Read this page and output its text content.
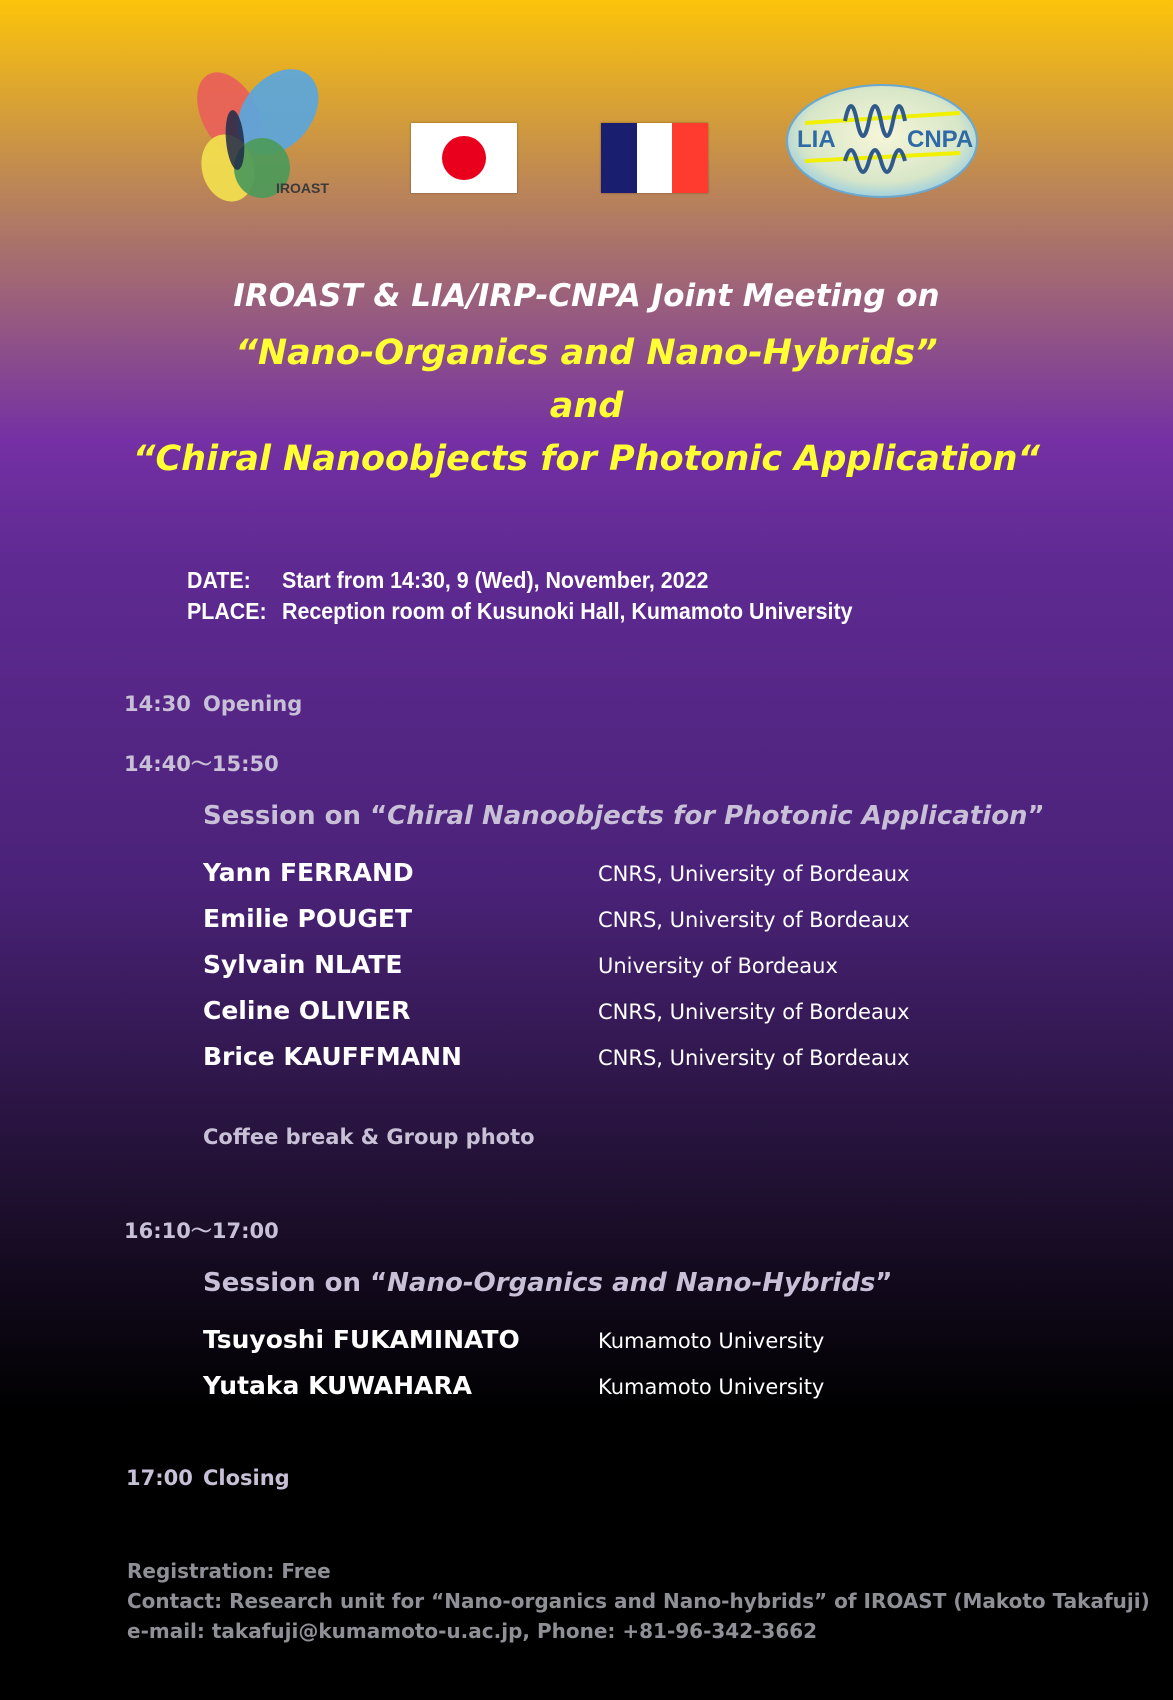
IROAST
LIA	CNPA
IROAST & LIA/IRP-CNPA Joint Meeting on
“Nano-Organics and Nano-Hybrids”
and
“Chiral Nanoobjects for Photonic Application“
DATE: Start from 14:30, 9 (Wed), November, 2022
PLACE: Reception room of Kusunoki Hall, Kumamoto University
14:30 Opening
14:40～15:50
Session on “Chiral Nanoobjects for Photonic Application”
Yann FERRAND	CNRS, University of Bordeaux
Emilie POUGET	CNRS, University of Bordeaux
Sylvain NLATE	University of Bordeaux
Celine OLIVIER	CNRS, University of Bordeaux
Brice KAUFFMANN	CNRS, University of Bordeaux
Coffee break & Group photo
16:10～17:00
Session on “Nano-Organics and Nano-Hybrids”
Tsuyoshi FUKAMINATO	Kumamoto University
Yutaka KUWAHARA	Kumamoto University
17:00 Closing
Registration: Free
Contact: Research unit for “Nano-organics and Nano-hybrids” of IROAST (Makoto Takafuji)
e-mail: takafuji@kumamoto-u.ac.jp, Phone: +81-96-342-3662
